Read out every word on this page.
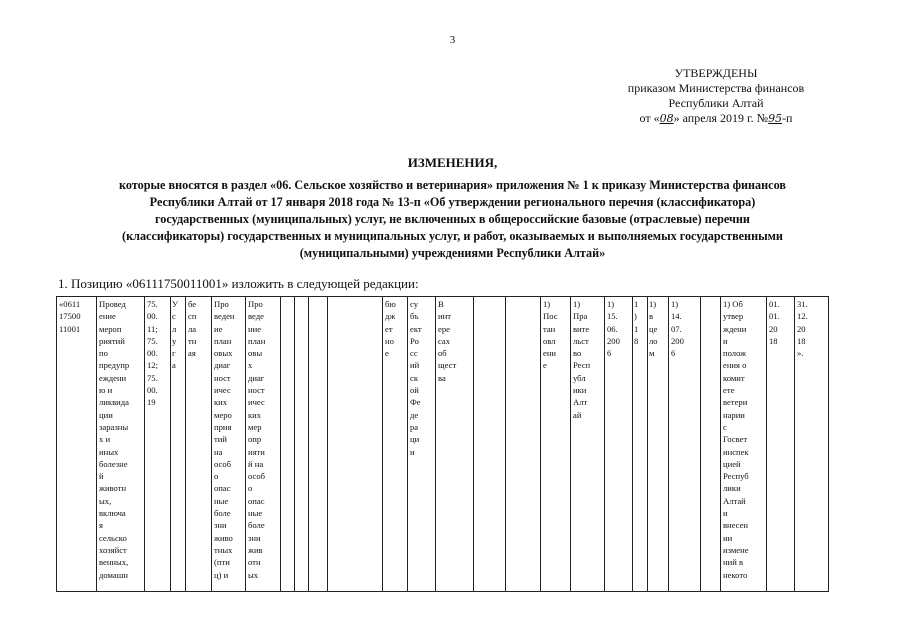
3
УТВЕРЖДЕНЫ
приказом Министерства финансов
Республики Алтай
от «08» апреля 2019 г. №95-п
ИЗМЕНЕНИЯ,
которые вносятся в раздел «06. Сельское хозяйство и ветеринария» приложения № 1 к приказу Министерства финансов
Республики Алтай от 17 января 2018 года № 13-п «Об утверждении регионального перечня (классификатора)
государственных (муниципальных) услуг, не включенных в общероссийские базовые (отраслевые) перечни
(классификаторы) государственных и муниципальных услуг, и работ, оказываемых и выполняемых государственными
(муниципальными) учреждениями Республики Алтай»
1. Позицию «06111750011001» изложить в следующей редакции:
«0611
17500
11001	Провед
ение
мероп
риятий
по
предупр
еждени
ю и
ликвида
ции
заразны
х и
иных
болезне
й
животн
ых,
включа
я
сельско
хозяйст
венных,
домашн	75.
00.
11;
75.
00.
12;
75.
00.
19	У
с
л
у
г
а	бе
сп
ла
тн
ая	Про
веден
ие
план
овых
диаг
ност
ичес
ких
меро
прия
тий
на
особ
о
опас
ные
боле
зни
живо
тных
(пти
ц) и	Про
веде
ние
план
овы
х
диаг
ност
ичес
ких
мер
опр
ияти
й на
особ
о
опас
ные
боле
зни
жив
отн
ых					бю
дж
ет
но
е	су
бъ
ект
Ро
сс
ий
ск
ой
Фе
де
ра
ци
и	В
инт
ере
сах
об
щест
ва			1)
Пос
тан
овл
ени
е	1)
Пра
вите
льст
во
Респ
убл
ики
Алт
ай	1)
15.
06.
200
6	1
)
1
8	1)
в
це
ло
м	1)
14.
07.
200
6		1) Об
утвер
ждени
и
полож
ения о
комит
ете
ветери
нарии
с
Госвет
инспек
цией
Респуб
лики
Алтай
и
внесен
ии
измене
ний в
некото	01.
01.
20
18	31.
12.
20
18
».
